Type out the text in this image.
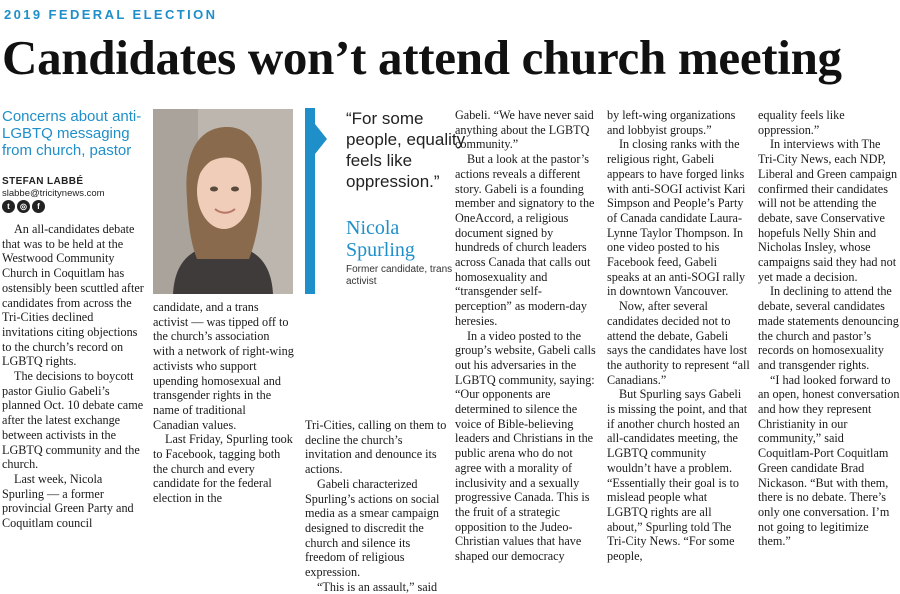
2019 FEDERAL ELECTION
Candidates won’t attend church meeting
Concerns about anti-LGBTQ messaging from church, pastor
STEFAN LABBÉ
slabbe@tricitynews.com
t	◎	f
“For some people, equality feels like oppression.”
Nicola Spurling
Former candidate, trans activist

An all-candidates debate that was to be held at the Westwood Community Church in Coquitlam has ostensibly been scuttled after candidates from across the Tri-Cities declined invitations citing objections to the church’s record on LGBTQ rights.

The decisions to boycott pastor Giulio Gabeli’s planned Oct. 10 debate came after the latest exchange between activists in the LGBTQ community and the church.

Last week, Nicola Spurling — a former provincial Green Party and Coquitlam council

candidate, and a trans activist — was tipped off to the church’s association with a network of right-wing activists who support upending homosexual and transgender rights in the name of traditional Canadian values.

Last Friday, Spurling took to Facebook, tagging both the church and every candidate for the federal election in the

Tri-Cities, calling on them to decline the church’s invitation and denounce its actions.

Gabeli characterized Spurling’s actions on social media as a smear campaign designed to discredit the church and silence its freedom of religious expression.

“This is an assault,” said

Gabeli. “We have never said anything about the LGBTQ community.”

But a look at the pastor’s actions reveals a different story. Gabeli is a founding member and signatory to the OneAccord, a religious document signed by hundreds of church leaders across Canada that calls out homosexuality and “transgender self-perception” as modern-day heresies.

In a video posted to the group’s website, Gabeli calls out his adversaries in the LGBTQ community, saying: “Our opponents are determined to silence the voice of Bible-believing leaders and Christians in the public arena who do not agree with a morality of inclusivity and a sexually progressive Canada. This is the fruit of a strategic opposition to the Judeo-Christian values that have shaped our democracy

by left-wing organizations and lobbyist groups.”

In closing ranks with the religious right, Gabeli appears to have forged links with anti-SOGI activist Kari Simpson and People’s Party of Canada candidate Laura-Lynne Taylor Thompson. In one video posted to his Facebook feed, Gabeli speaks at an anti-SOGI rally in downtown Vancouver.

Now, after several candidates decided not to attend the debate, Gabeli says the candidates have lost the authority to represent “all Canadians.”

But Spurling says Gabeli is missing the point, and that if another church hosted an all-candidates meeting, the LGBTQ community wouldn’t have a problem. “Essentially their goal is to mislead people what LGBTQ rights are all about,” Spurling told The Tri-City News. “For some people,

equality feels like oppression.”

In interviews with The Tri-City News, each NDP, Liberal and Green campaign confirmed their candidates will not be attending the debate, save Conservative hopefuls Nelly Shin and Nicholas Insley, whose campaigns said they had not yet made a decision.

In declining to attend the debate, several candidates made statements denouncing the church and pastor’s records on homosexuality and transgender rights.

“I had looked forward to an open, honest conversation and how they represent Christianity in our community,” said Coquitlam-Port Coquitlam Green candidate Brad Nickason. “But with them, there is no debate. There’s only one conversation. I’m not going to legitimize them.”
